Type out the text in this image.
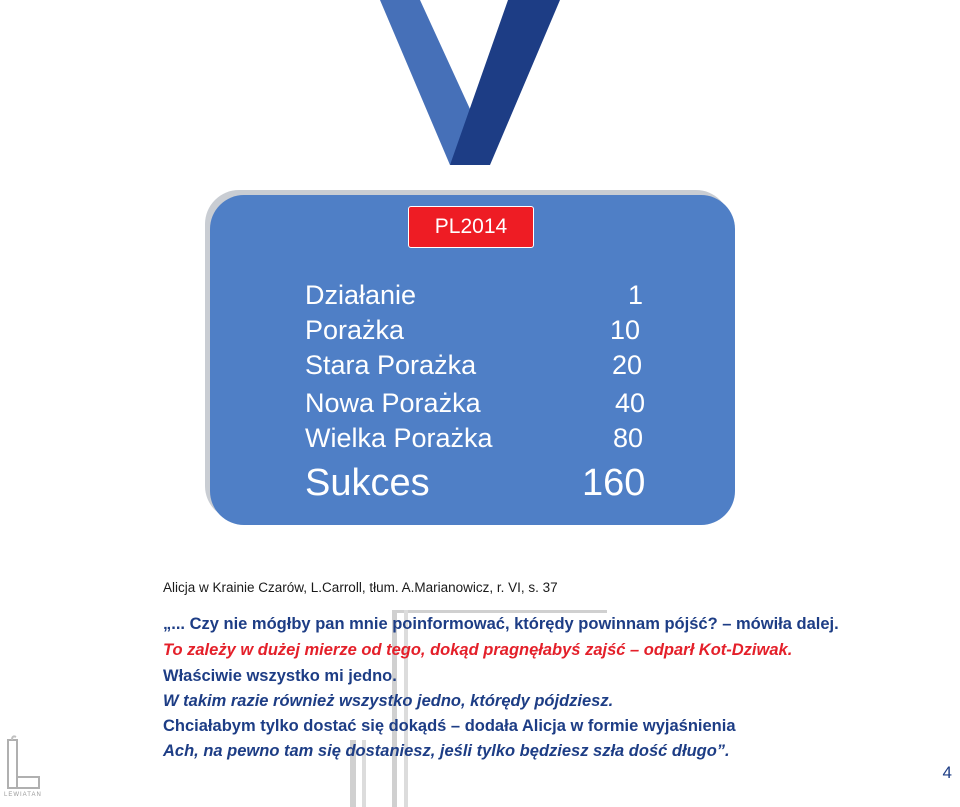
PL2014
Działanie	1
Porażka	10
Stara Porażka	20
Nowa Porażka	40
Wielka Porażka	80
Sukces	160
Alicja w Krainie Czarów, L.Carroll, tłum. A.Marianowicz, r. VI, s. 37
„... Czy nie mógłby pan mnie poinformować, którędy powinnam pójść? – mówiła dalej.
To zależy w dużej mierze od tego, dokąd pragnęłabyś zajść – odparł Kot-Dziwak.
Właściwie wszystko mi jedno.
W takim razie również wszystko jedno, którędy pójdziesz.
Chciałabym tylko dostać się dokądś – dodała Alicja w formie wyjaśnienia
Ach, na pewno tam się dostaniesz, jeśli tylko będziesz szła dość długo”.
LEWIATAN
4
